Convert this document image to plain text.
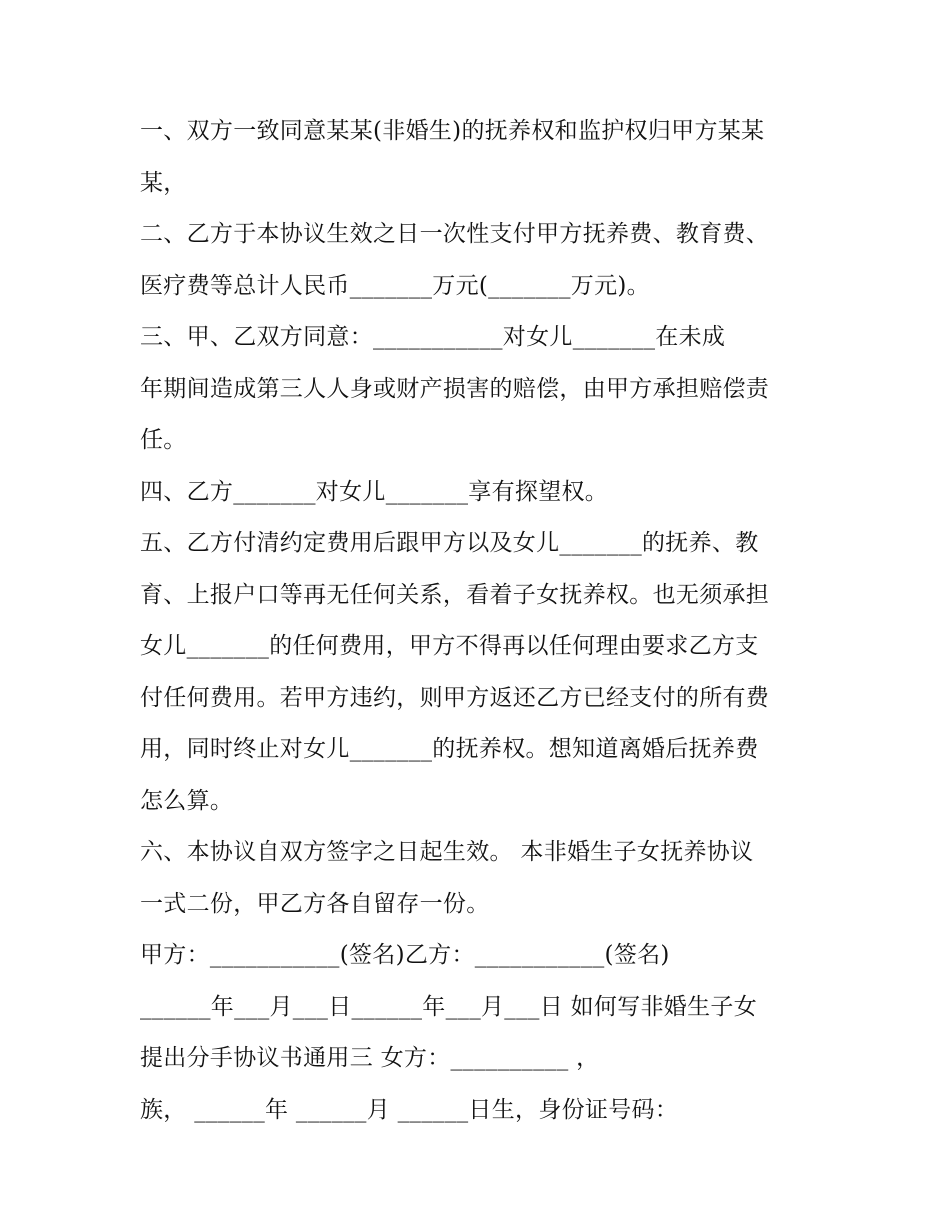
一、双方一致同意某某(非婚生)的抚养权和监护权归甲方某某
某，
二、乙方于本协议生效之日一次性支付甲方抚养费、教育费、
医疗费等总计人民币_______万元(_______万元)。
三、甲、乙双方同意：___________对女儿_______在未成
年期间造成第三人人身或财产损害的赔偿，由甲方承担赔偿责
任。
四、乙方_______对女儿_______享有探望权。
五、乙方付清约定费用后跟甲方以及女儿_______的抚养、教
育、上报户口等再无任何关系，看着子女抚养权。也无须承担
女儿_______的任何费用，甲方不得再以任何理由要求乙方支
付任何费用。若甲方违约，则甲方返还乙方已经支付的所有费
用，同时终止对女儿_______的抚养权。想知道离婚后抚养费
怎么算。
六、本协议自双方签字之日起生效。 本非婚生子女抚养协议
一式二份，甲乙方各自留存一份。
甲方：___________(签名)乙方：___________(签名)
______年___月___日______年___月___日 如何写非婚生子女
提出分手协议书通用三 女方：__________ ，
族， ______年 ______月 ______日生，身份证号码：
